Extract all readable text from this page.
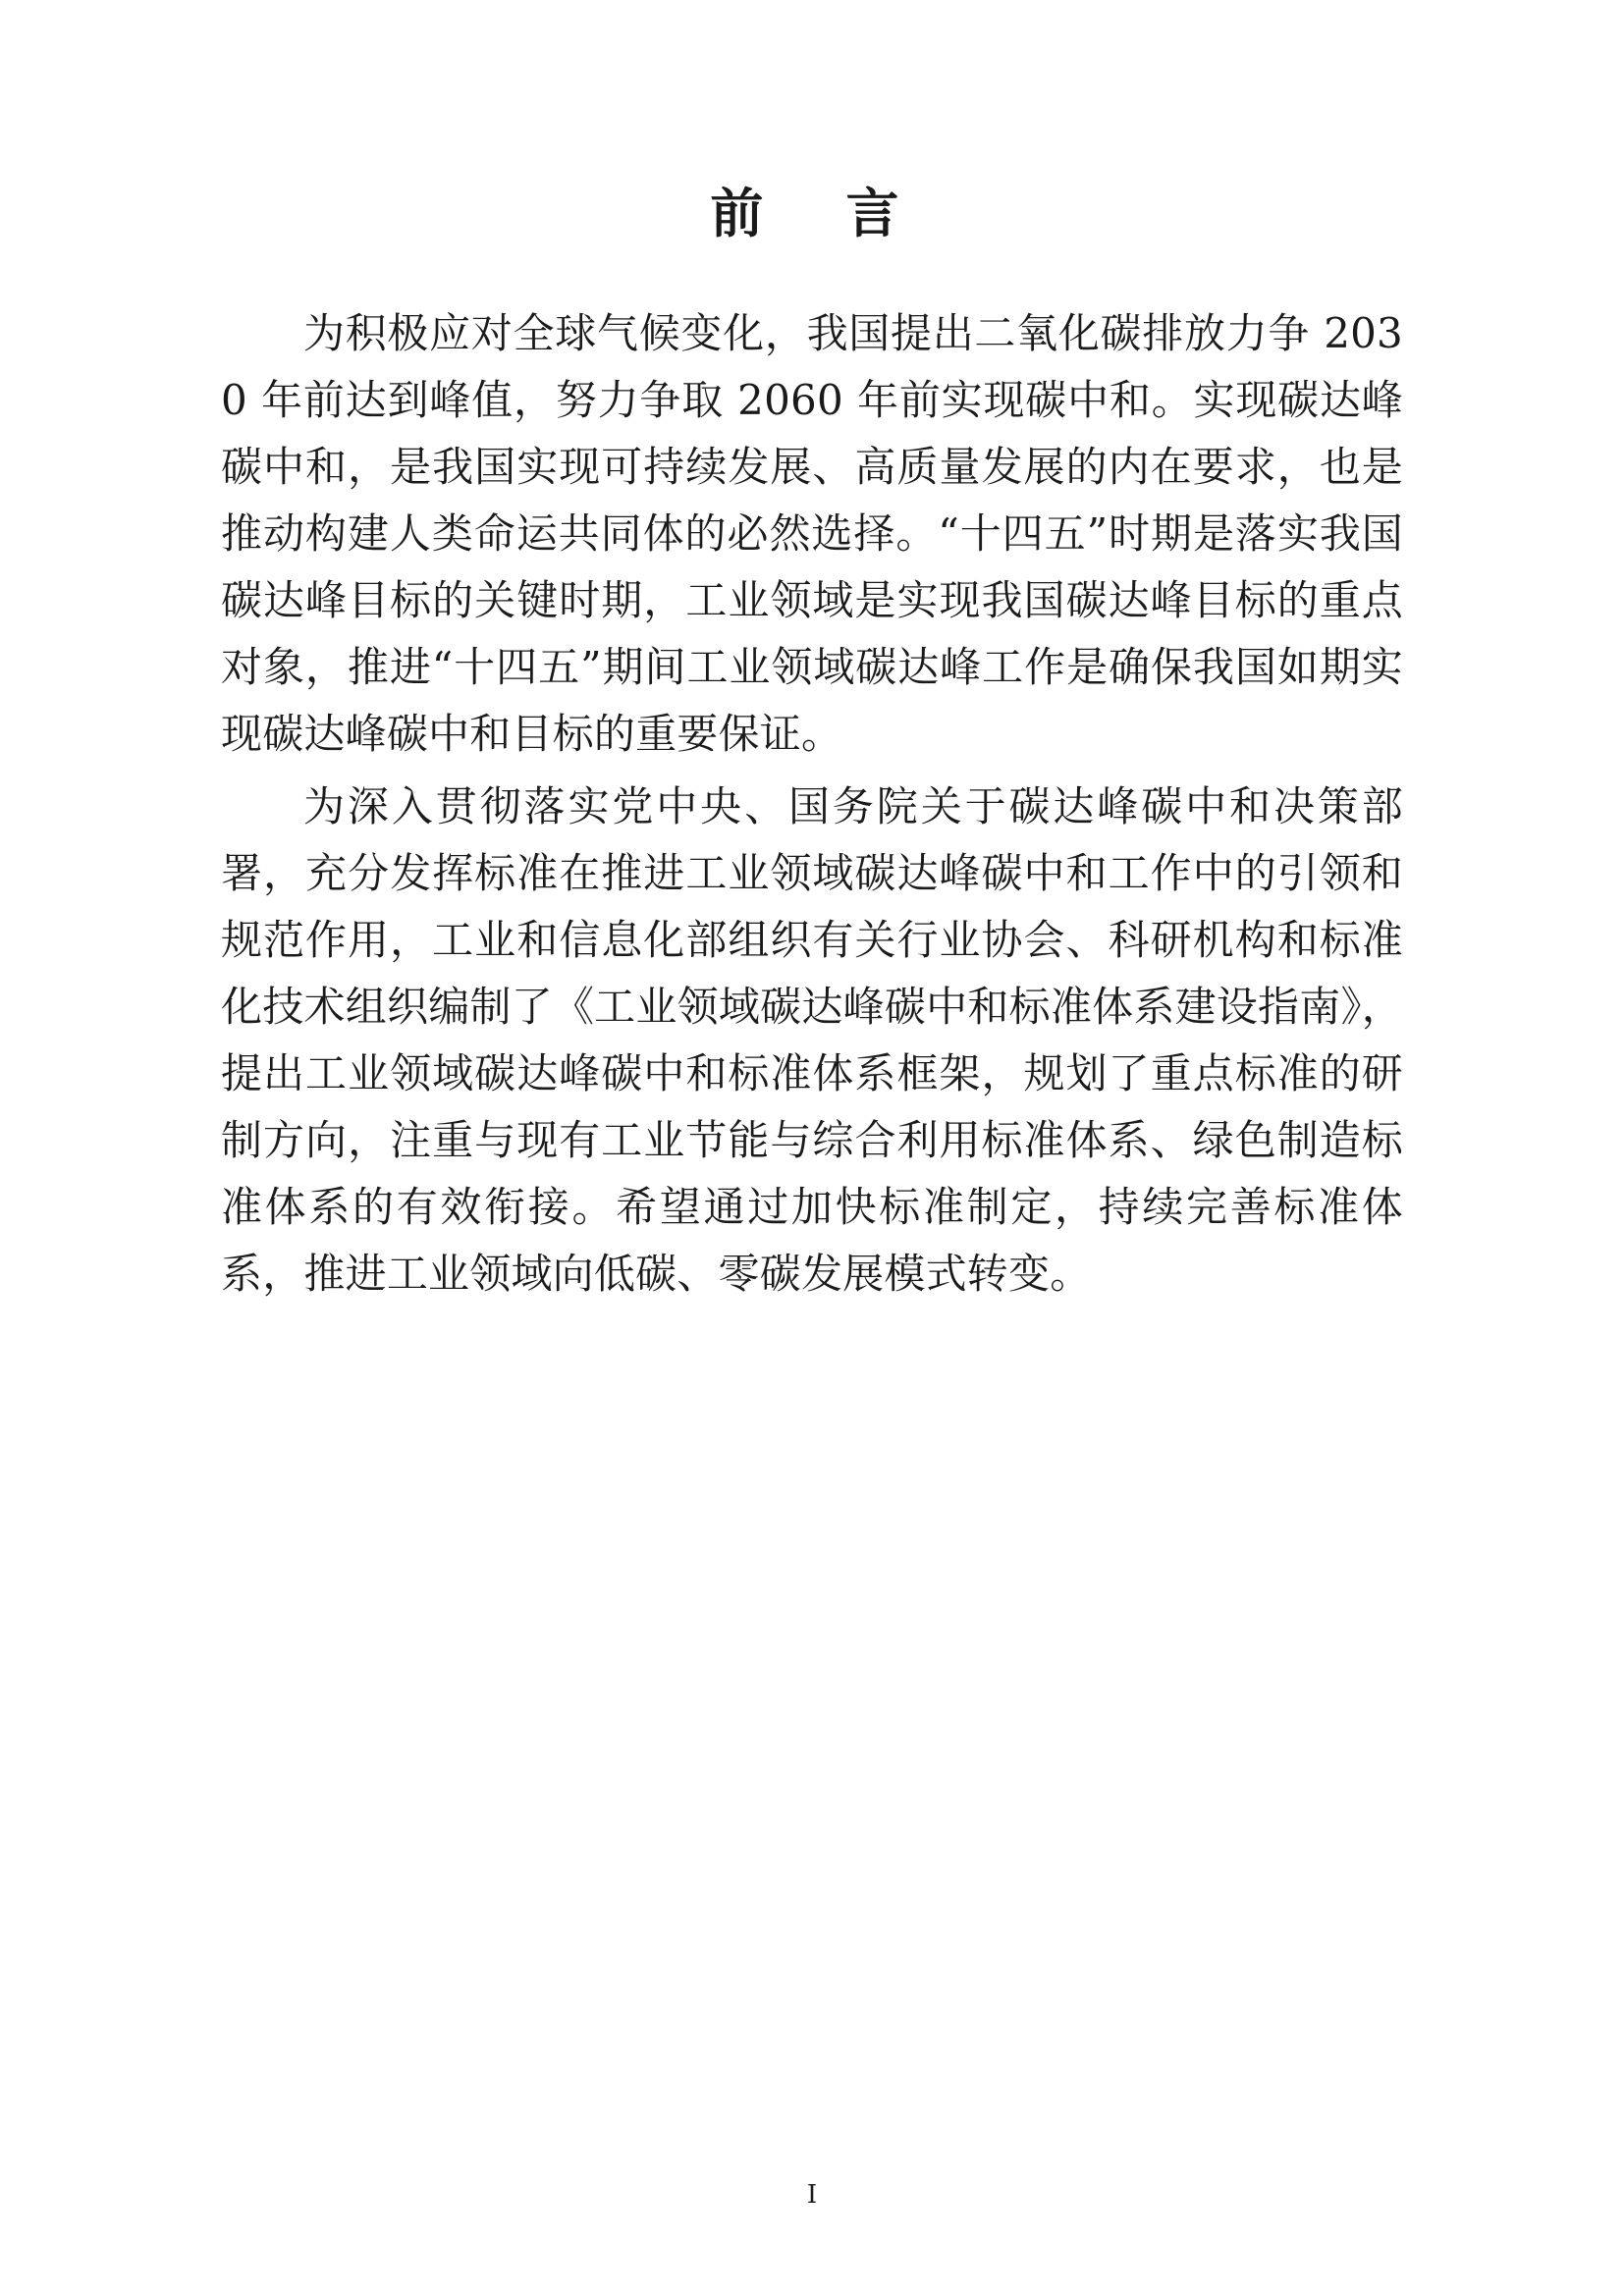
前　言

为积极应对全球气候变化，我国提出二氧化碳排放力争 2030 年前达到峰值，努力争取 2060 年前实现碳中和。实现碳达峰碳中和，是我国实现可持续发展、高质量发展的内在要求，也是推动构建人类命运共同体的必然选择。“十四五”时期是落实我国碳达峰目标的关键时期，工业领域是实现我国碳达峰目标的重点对象，推进“十四五”期间工业领域碳达峰工作是确保我国如期实现碳达峰碳中和目标的重要保证。

为深入贯彻落实党中央、国务院关于碳达峰碳中和决策部署，充分发挥标准在推进工业领域碳达峰碳中和工作中的引领和规范作用，工业和信息化部组织有关行业协会、科研机构和标准化技术组织编制了《工业领域碳达峰碳中和标准体系建设指南》，提出工业领域碳达峰碳中和标准体系框架，规划了重点标准的研制方向，注重与现有工业节能与综合利用标准体系、绿色制造标准体系的有效衔接。希望通过加快标准制定，持续完善标准体系，推进工业领域向低碳、零碳发展模式转变。

I
